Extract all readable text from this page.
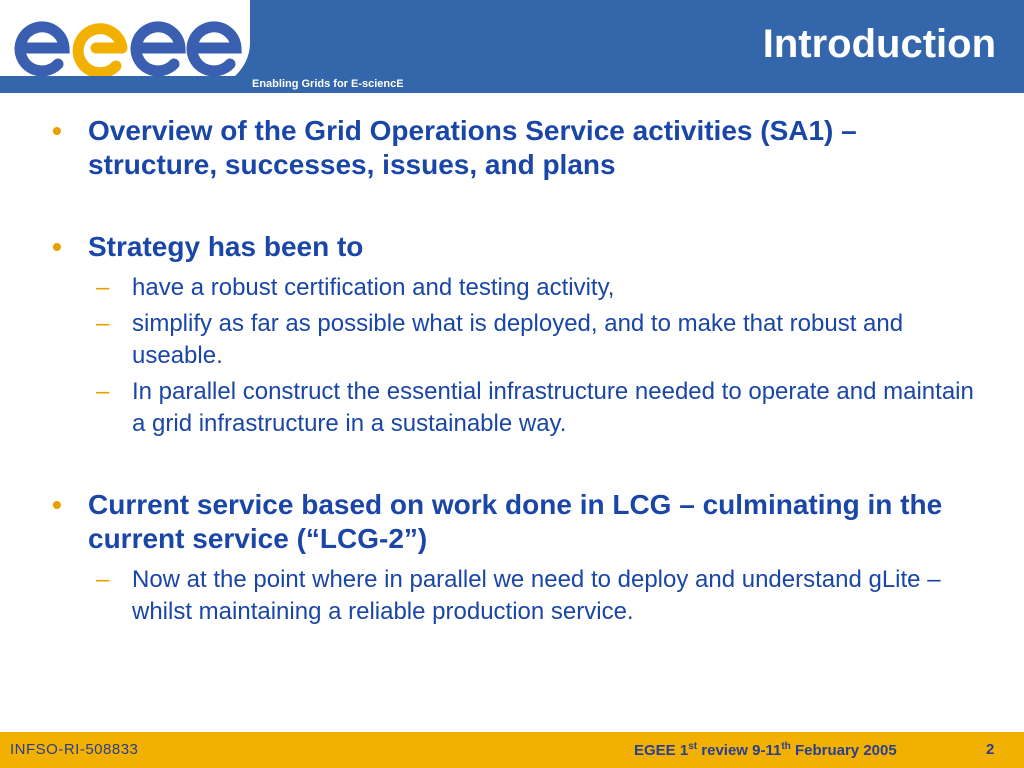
egee
Enabling Grids for E-sciencE
Introduction
• Overview of the Grid Operations Service activities (SA1) – structure, successes, issues, and plans
• Strategy has been to
– have a robust certification and testing activity,
– simplify as far as possible what is deployed, and to make that robust and useable.
– In parallel construct the essential infrastructure needed to operate and maintain a grid infrastructure in a sustainable way.
• Current service based on work done in LCG – culminating in the current service (“LCG-2”)
– Now at the point where in parallel we need to deploy and understand gLite – whilst maintaining a reliable production service.
INFSO-RI-508833	EGEE 1st review 9-11th February 2005	2
